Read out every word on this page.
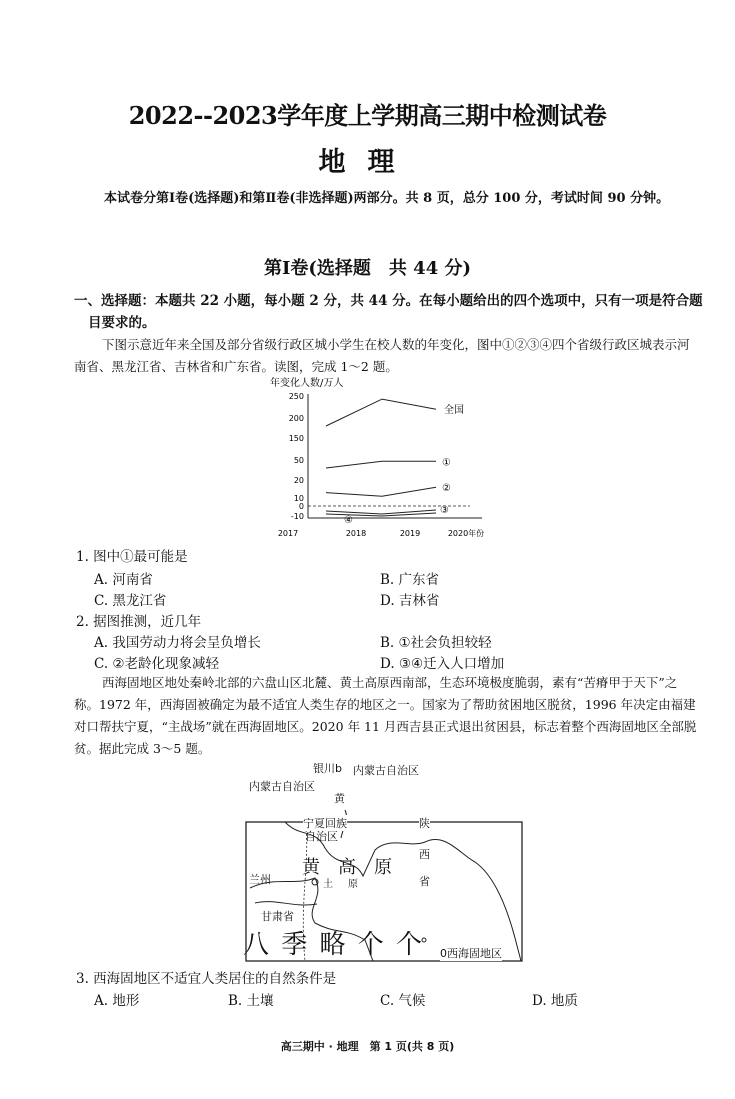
2022--2023学年度上学期高三期中检测试卷
地理
本试卷分第Ⅰ卷(选择题)和第Ⅱ卷(非选择题)两部分。共 8 页，总分 100 分，考试时间 90 分钟。
第Ⅰ卷(选择题　共 44 分)
一、选择题：本题共 22 小题，每小题 2 分，共 44 分。在每小题给出的四个选项中，只有一项是符合题目要求的。
下图示意近年来全国及部分省级行政区城小学生在校人数的年变化，图中①②③④四个省级行政区城表示河南省、黑龙江省、吉林省和广东省。读图，完成 1～2 题。
年变化人数/万人
250
200
150
50
20
10
0
-10
2017	2018	2019	2020年份
全国
①
②
③
④
1. 图中①最可能是
A. 河南省	B. 广东省
C. 黑龙江省	D. 吉林省
2. 据图推测，近几年
A. 我国劳动力将会呈负增长	B. ①社会负担较轻
C. ②老龄化现象减轻	D. ③④迁入人口增加
西海固地区地处秦岭北部的六盘山区北麓、黄土高原西南部，生态环境极度脆弱，素有“苦瘠甲于天下”之称。1972 年，西海固被确定为最不适宜人类生存的地区之一。国家为了帮助贫困地区脱贫，1996 年决定由福建对口帮扶宁夏，“主战场”就在西海固地区。2020 年 11 月西吉县正式退出贫困县，标志着整个西海固地区全部脱贫。据此完成 3～5 题。
银川b 内蒙古自治区
内蒙古自治区
黄
宁夏回族
自治区
陕
黄　高　原
西
省
兰州	土 原
甘肃省
0西海固地区
八 季 略 个 个
3. 西海固地区不适宜人类居住的自然条件是
A. 地形	B. 土壤	C. 气候	D. 地质
高三期中 · 地理　第 1 页(共 8 页)
